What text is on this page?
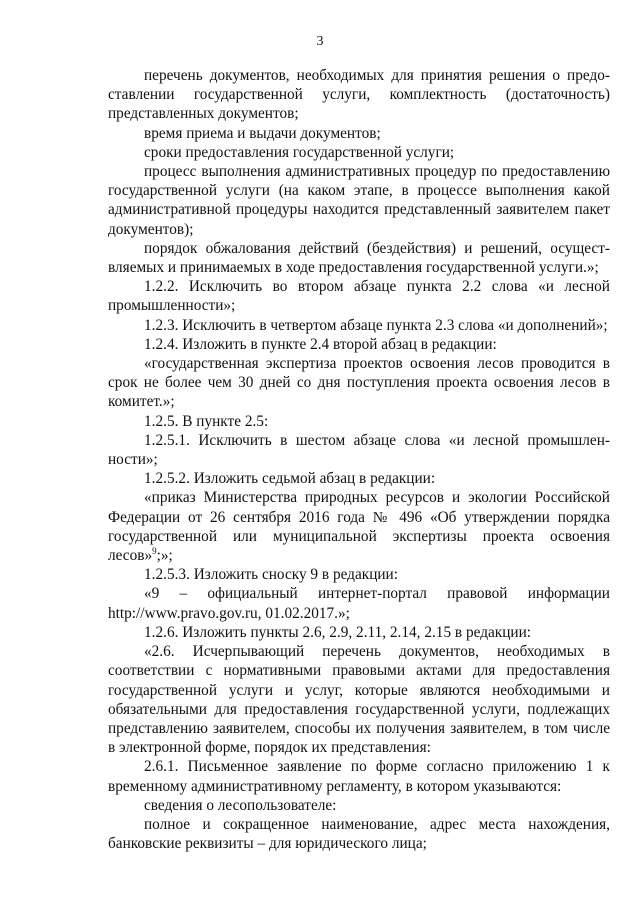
3

перечень документов, необходимых для принятия решения о предоставлении государственной услуги, комплектность (достаточность) представленных документов;

время приема и выдачи документов;

сроки предоставления государственной услуги;

процесс выполнения административных процедур по предоставлению государственной услуги (на каком этапе, в процессе выполнения какой административной процедуры находится представленный заявителем пакет документов);

порядок обжалования действий (бездействия) и решений, осуществляемых и принимаемых в ходе предоставления государственной услуги.»;

1.2.2. Исключить во втором абзаце пункта 2.2 слова «и лесной промышленности»;

1.2.3. Исключить в четвертом абзаце пункта 2.3 слова «и дополнений»;

1.2.4. Изложить в пункте 2.4 второй абзац в редакции:

«государственная экспертиза проектов освоения лесов проводится в срок не более чем 30 дней со дня поступления проекта освоения лесов в комитет.»;

1.2.5. В пункте 2.5:

1.2.5.1. Исключить в шестом абзаце слова «и лесной промышленности»;

1.2.5.2. Изложить седьмой абзац в редакции:

«приказ Министерства природных ресурсов и экологии Российской Федерации от 26 сентября 2016 года № 496 «Об утверждении порядка государственной или муниципальной экспертизы проекта освоения лесов»$^9$;»;

1.2.5.3. Изложить сноску 9 в редакции:

«9 – официальный интернет-портал правовой информации http://www.pravo.gov.ru, 01.02.2017.»;

1.2.6. Изложить пункты 2.6, 2.9, 2.11, 2.14, 2.15 в редакции:

«2.6. Исчерпывающий перечень документов, необходимых в соответствии с нормативными правовыми актами для предоставления государственной услуги и услуг, которые являются необходимыми и обязательными для предоставления государственной услуги, подлежащих представлению заявителем, способы их получения заявителем, в том числе в электронной форме, порядок их представления:

2.6.1. Письменное заявление по форме согласно приложению 1 к временному административному регламенту, в котором указываются:

сведения о лесопользователе:

полное и сокращенное наименование, адрес места нахождения, банковские реквизиты – для юридического лица;
